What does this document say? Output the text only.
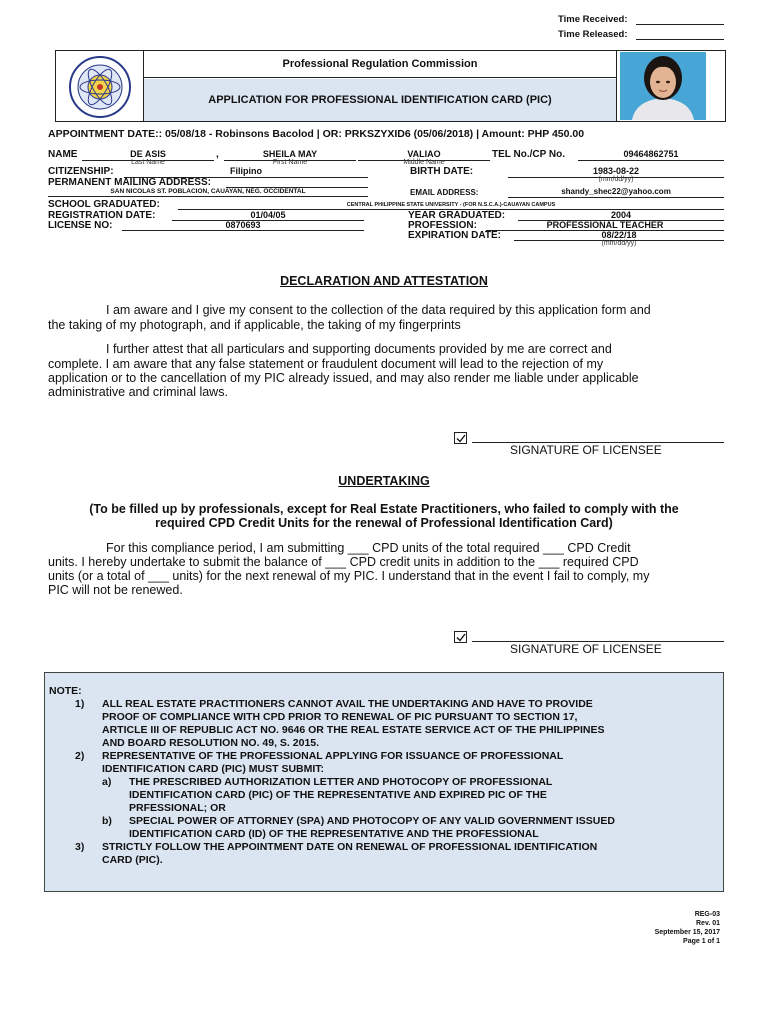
Time Received:
Time Released:
Professional Regulation Commission
APPLICATION FOR PROFESSIONAL IDENTIFICATION CARD (PIC)
APPOINTMENT DATE:: 05/08/18 - Robinsons Bacolod | OR: PRKSZYXID6 (05/06/2018) | Amount: PHP 450.00
NAME	DE ASIS	,	SHEILA MAY	VALIAO	TEL No./CP No.	09464862751
Last Name	First Name	Middle Name
CITIZENSHIP:	Filipino	BIRTH DATE:	1983-08-22
(mm/dd/yy)
PERMANENT MAILING ADDRESS:
SAN NICOLAS ST. POBLACION, CAUAYAN, NEG. OCCIDENTAL	EMAIL ADDRESS:	shandy_shec22@yahoo.com
SCHOOL GRADUATED:	CENTRAL PHILIPPINE STATE UNIVERSITY - (FOR N.S.C.A.)-CAUAYAN CAMPUS
REGISTRATION DATE:	01/04/05	YEAR GRADUATED:	2004
LICENSE NO:	0870693	PROFESSION:	PROFESSIONAL TEACHER
EXPIRATION DATE:	08/22/18
(mm/dd/yy)
DECLARATION AND ATTESTATION
I am aware and I give my consent to the collection of the data required by this application form and
the taking of my photograph, and if applicable, the taking of my fingerprints
I further attest that all particulars and supporting documents provided by me are correct and
complete. I am aware that any false statement or fraudulent document will lead to the rejection of my
application or to the cancellation of my PIC already issued, and may also render me liable under applicable
administrative and criminal laws.
SIGNATURE OF LICENSEE
UNDERTAKING
(To be filled up by professionals, except for Real Estate Practitioners, who failed to comply with the
required CPD Credit Units for the renewal of Professional Identification Card)
For this compliance period, I am submitting ___ CPD units of the total required ___ CPD Credit
units. I hereby undertake to submit the balance of ___ CPD credit units in addition to the ___ required CPD
units (or a total of ___ units) for the next renewal of my PIC. I understand that in the event I fail to comply, my
PIC will not be renewed.
SIGNATURE OF LICENSEE
NOTE:
1) ALL REAL ESTATE PRACTITIONERS CANNOT AVAIL THE UNDERTAKING AND HAVE TO PROVIDE
PROOF OF COMPLIANCE WITH CPD PRIOR TO RENEWAL OF PIC PURSUANT TO SECTION 17,
ARTICLE III OF REPUBLIC ACT NO. 9646 OR THE REAL ESTATE SERVICE ACT OF THE PHILIPPINES
AND BOARD RESOLUTION NO. 49, S. 2015.
2) REPRESENTATIVE OF THE PROFESSIONAL APPLYING FOR ISSUANCE OF PROFESSIONAL
IDENTIFICATION CARD (PIC) MUST SUBMIT:
a) THE PRESCRIBED AUTHORIZATION LETTER AND PHOTOCOPY OF PROFESSIONAL
IDENTIFICATION CARD (PIC) OF THE REPRESENTATIVE AND EXPIRED PIC OF THE
PRFESSIONAL; OR
b) SPECIAL POWER OF ATTORNEY (SPA) AND PHOTOCOPY OF ANY VALID GOVERNMENT ISSUED
IDENTIFICATION CARD (ID) OF THE REPRESENTATIVE AND THE PROFESSIONAL
3) STRICTLY FOLLOW THE APPOINTMENT DATE ON RENEWAL OF PROFESSIONAL IDENTIFICATION
CARD (PIC).
REG-03
Rev. 01
September 15, 2017
Page 1 of 1
